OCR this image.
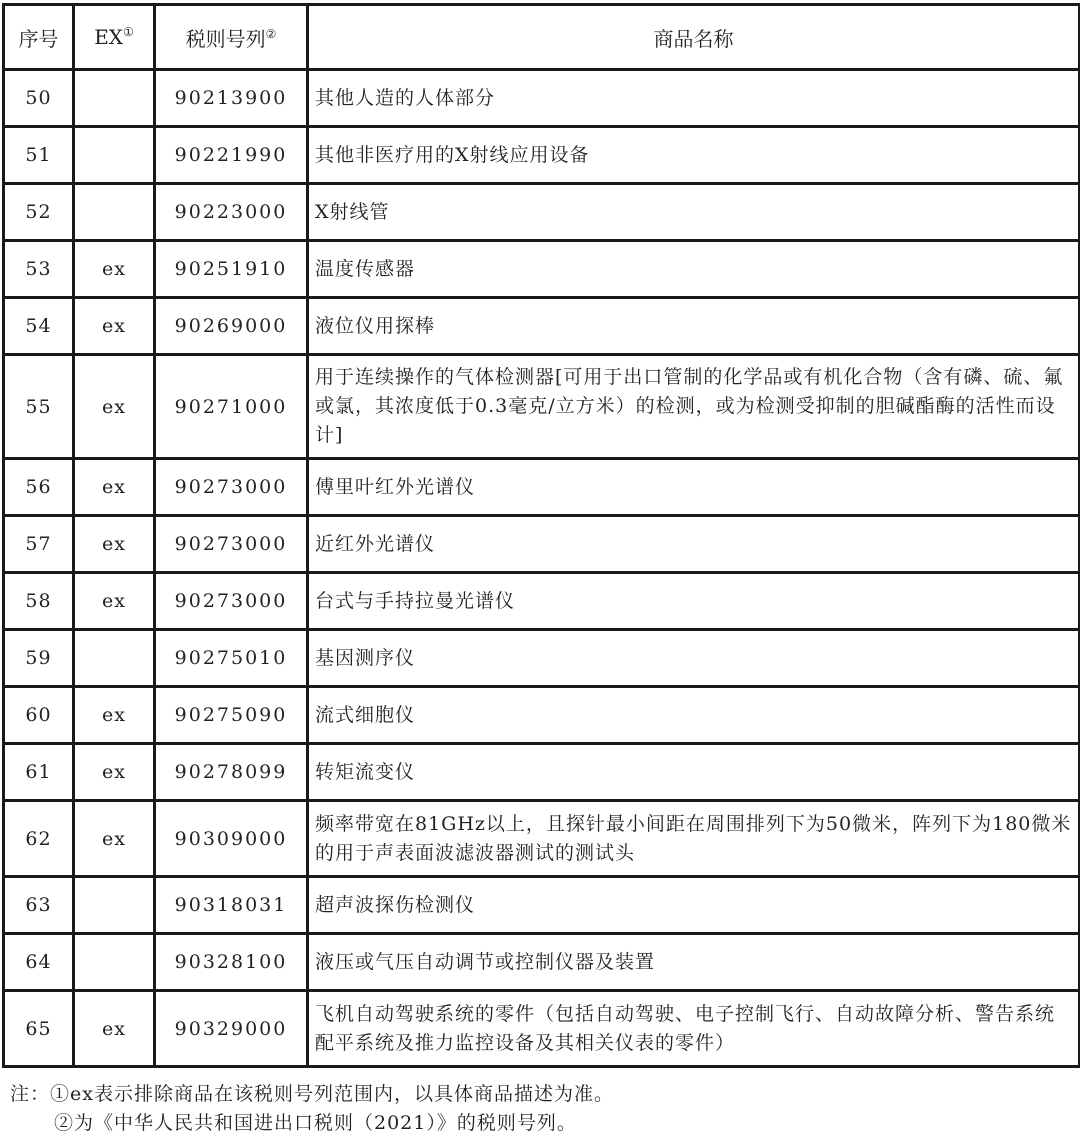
序号	EX①	税则号列②	商品名称
50		90213900	其他人造的人体部分
51		90221990	其他非医疗用的X射线应用设备
52		90223000	X射线管
53	ex	90251910	温度传感器
54	ex	90269000	液位仪用探棒
55	ex	90271000	用于连续操作的气体检测器[可用于出口管制的化学品或有机化合物（含有磷、硫、氟或氯，其浓度低于0.3毫克/立方米）的检测，或为检测受抑制的胆碱酯酶的活性而设计]
56	ex	90273000	傅里叶红外光谱仪
57	ex	90273000	近红外光谱仪
58	ex	90273000	台式与手持拉曼光谱仪
59		90275010	基因测序仪
60	ex	90275090	流式细胞仪
61	ex	90278099	转矩流变仪
62	ex	90309000	频率带宽在81GHz以上，且探针最小间距在周围排列下为50微米，阵列下为180微米的用于声表面波滤波器测试的测试头
63		90318031	超声波探伤检测仪
64		90328100	液压或气压自动调节或控制仪器及装置
65	ex	90329000	飞机自动驾驶系统的零件（包括自动驾驶、电子控制飞行、自动故障分析、警告系统配平系统及推力监控设备及其相关仪表的零件）
注：①ex表示排除商品在该税则号列范围内，以具体商品描述为准。
②为《中华人民共和国进出口税则（2021）》的税则号列。
